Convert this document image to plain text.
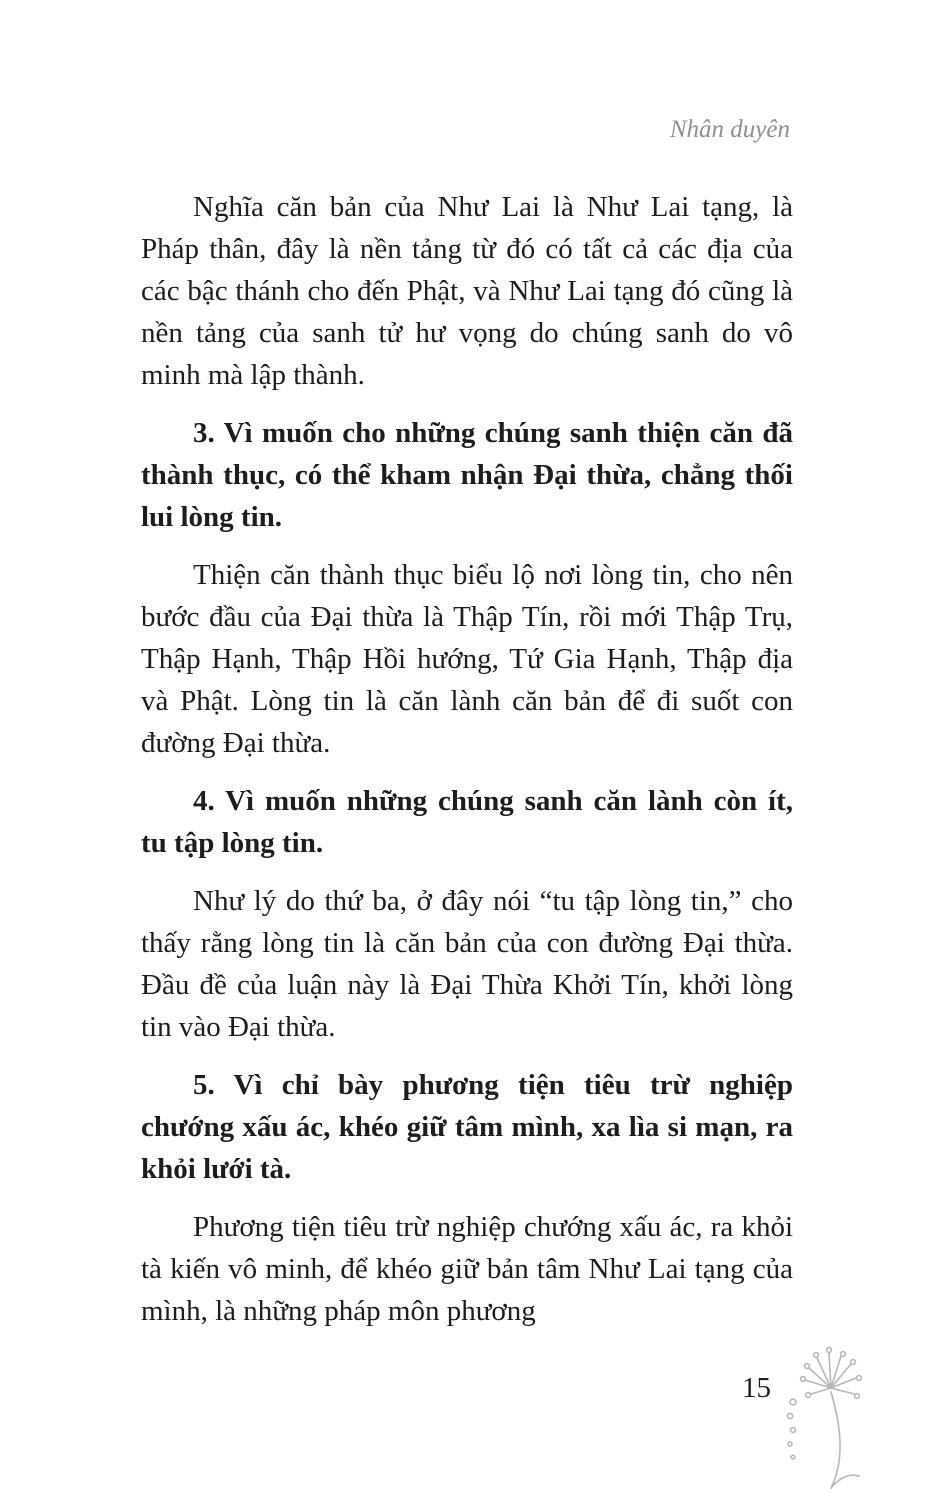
Nhân duyên

Nghĩa căn bản của Như Lai là Như Lai tạng, là Pháp thân, đây là nền tảng từ đó có tất cả các địa của các bậc thánh cho đến Phật, và Như Lai tạng đó cũng là nền tảng của sanh tử hư vọng do chúng sanh do vô minh mà lập thành.

3. Vì muốn cho những chúng sanh thiện căn đã thành thục, có thể kham nhận Đại thừa, chẳng thối lui lòng tin.

Thiện căn thành thục biểu lộ nơi lòng tin, cho nên bước đầu của Đại thừa là Thập Tín, rồi mới Thập Trụ, Thập Hạnh, Thập Hồi hướng, Tứ Gia Hạnh, Thập địa và Phật. Lòng tin là căn lành căn bản để đi suốt con đường Đại thừa.

4. Vì muốn những chúng sanh căn lành còn ít, tu tập lòng tin.

Như lý do thứ ba, ở đây nói “tu tập lòng tin,” cho thấy rằng lòng tin là căn bản của con đường Đại thừa. Đầu đề của luận này là Đại Thừa Khởi Tín, khởi lòng tin vào Đại thừa.

5. Vì chỉ bày phương tiện tiêu trừ nghiệp chướng xấu ác, khéo giữ tâm mình, xa lìa si mạn, ra khỏi lưới tà.

Phương tiện tiêu trừ nghiệp chướng xấu ác, ra khỏi tà kiến vô minh, để khéo giữ bản tâm Như Lai tạng của mình, là những pháp môn phương

15
